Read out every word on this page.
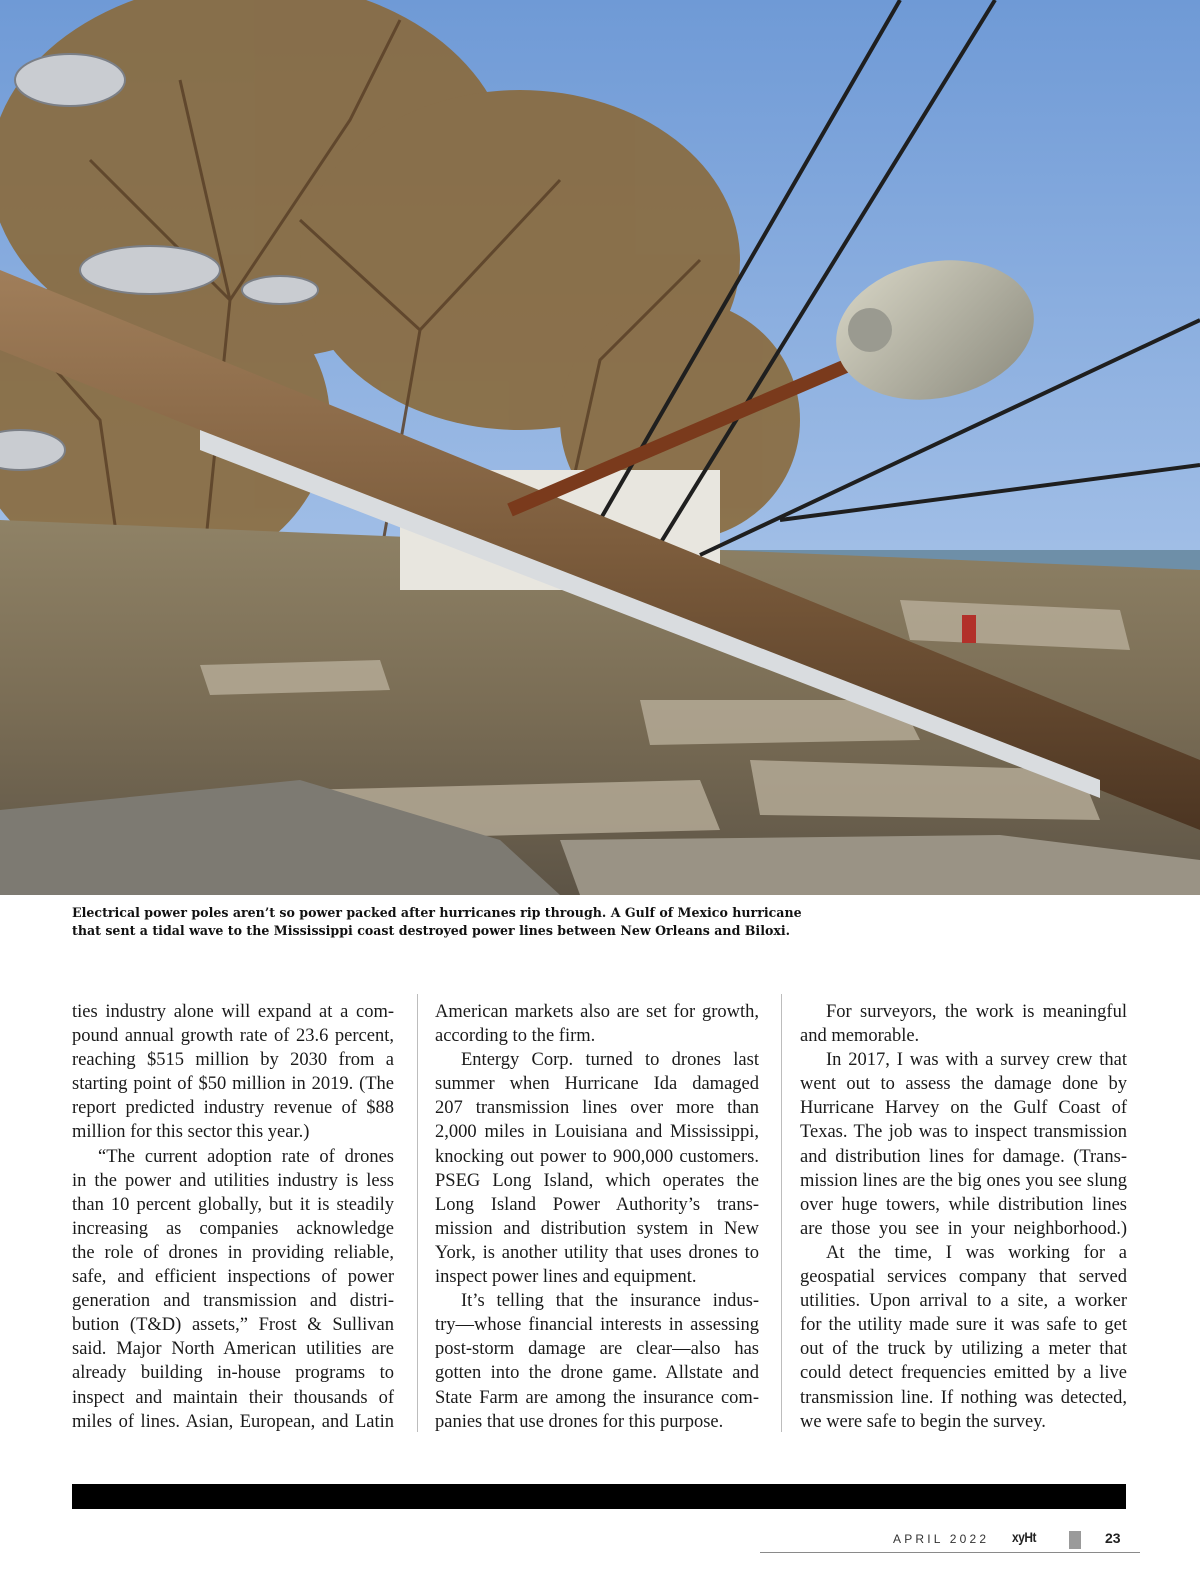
Electrical power poles aren’t so power packed after hurricanes rip through. A Gulf of Mexico hurricane
that sent a tidal wave to the Mississippi coast destroyed power lines between New Orleans and Biloxi.
ties industry alone will expand at a com-
pound annual growth rate of 23.6 percent,
reaching $515 million by 2030 from a
starting point of $50 million in 2019. (The
report predicted industry revenue of $88
million for this sector this year.)
“The current adoption rate of drones
in the power and utilities industry is less
than 10 percent globally, but it is steadily
increasing as companies acknowledge
the role of drones in providing reliable,
safe, and efficient inspections of power
generation and transmission and distri-
bution (T&D) assets,” Frost & Sullivan
said. Major North American utilities are
already building in-house programs to
inspect and maintain their thousands of
miles of lines. Asian, European, and Latin
American markets also are set for growth,
according to the firm.
Entergy Corp. turned to drones last
summer when Hurricane Ida damaged
207 transmission lines over more than
2,000 miles in Louisiana and Mississippi,
knocking out power to 900,000 customers.
PSEG Long Island, which operates the
Long Island Power Authority’s trans-
mission and distribution system in New
York, is another utility that uses drones to
inspect power lines and equipment.
It’s telling that the insurance indus-
try—whose financial interests in assessing
post-storm damage are clear—also has
gotten into the drone game. Allstate and
State Farm are among the insurance com-
panies that use drones for this purpose.
For surveyors, the work is meaningful
and memorable.
In 2017, I was with a survey crew that
went out to assess the damage done by
Hurricane Harvey on the Gulf Coast of
Texas. The job was to inspect transmission
and distribution lines for damage. (Trans-
mission lines are the big ones you see slung
over huge towers, while distribution lines
are those you see in your neighborhood.)
At the time, I was working for a
geospatial services company that served
utilities. Upon arrival to a site, a worker
for the utility made sure it was safe to get
out of the truck by utilizing a meter that
could detect frequencies emitted by a live
transmission line. If nothing was detected,
we were safe to begin the survey.
APRIL 2022 xyHt	23
